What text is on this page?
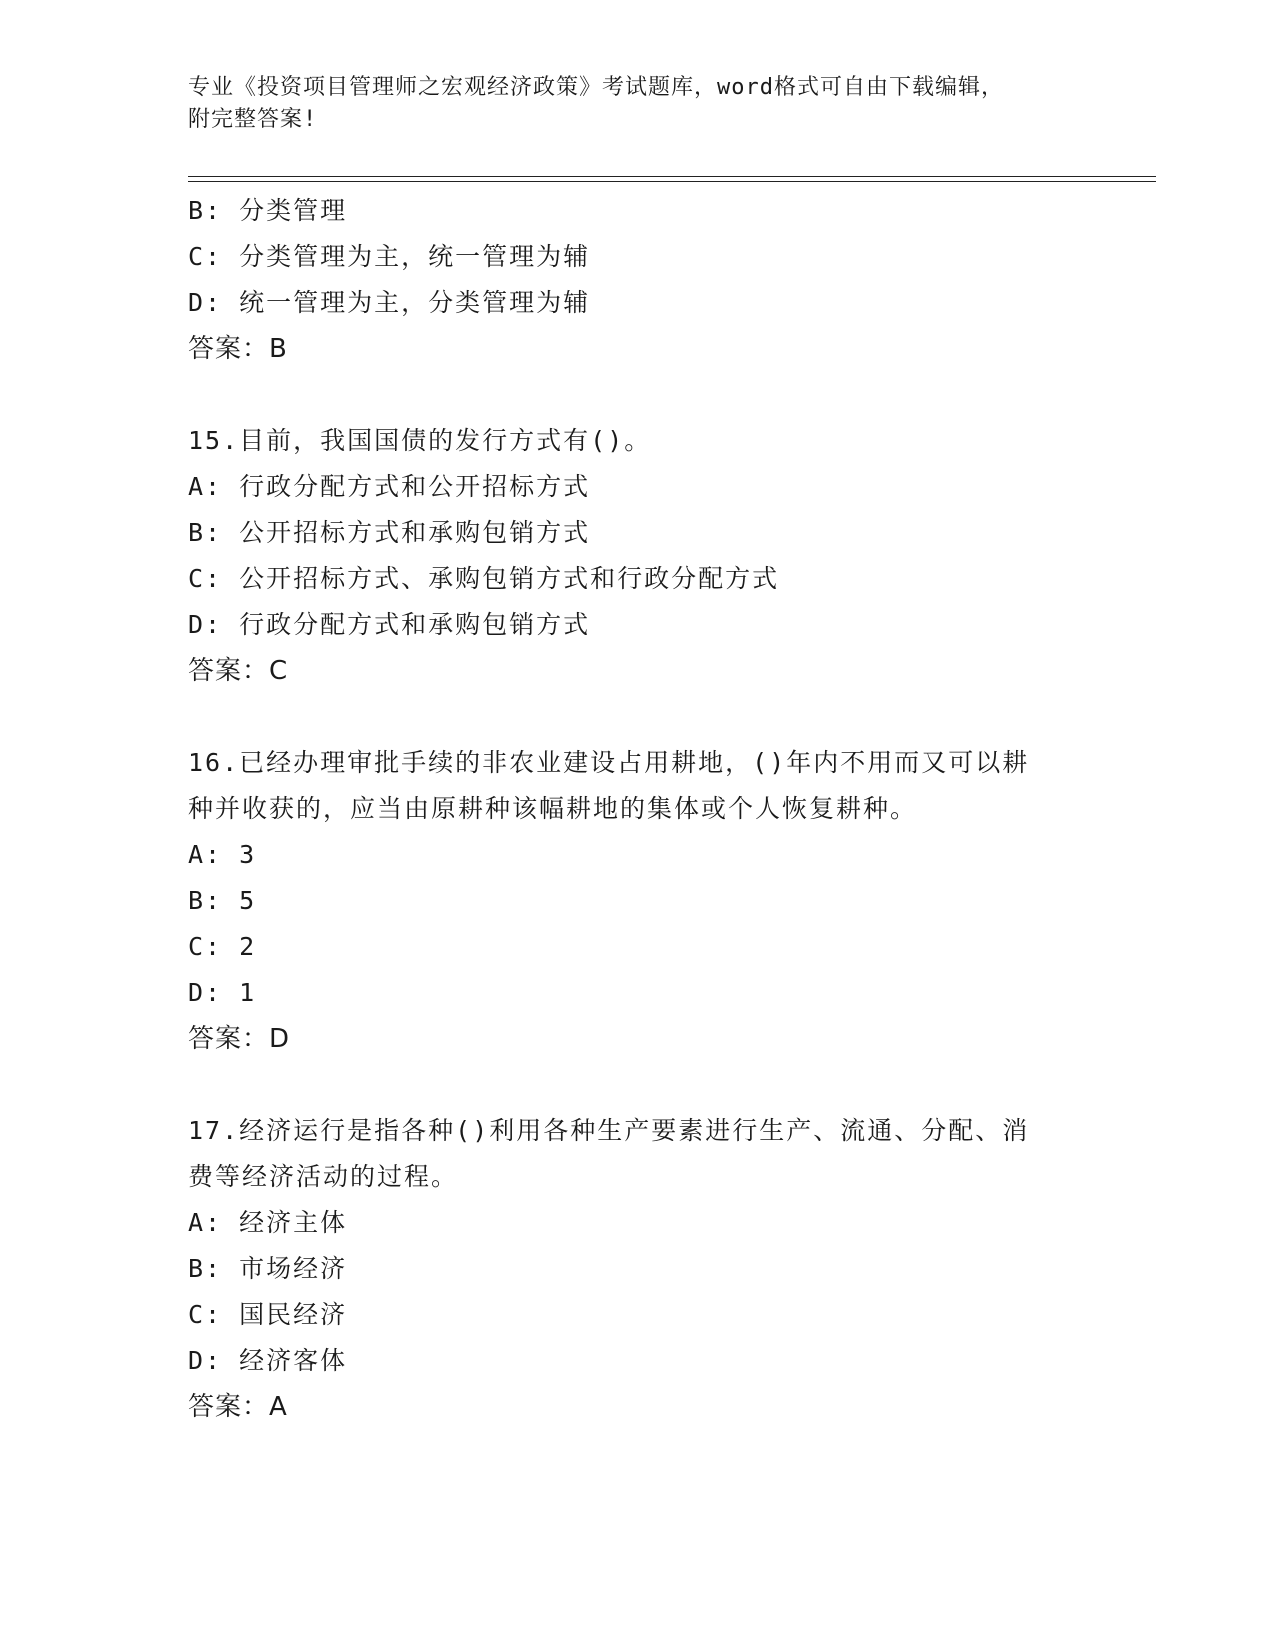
专业《投资项目管理师之宏观经济政策》考试题库，word格式可自由下载编辑，
附完整答案!
B: 分类管理
C: 分类管理为主，统一管理为辅
D: 统一管理为主，分类管理为辅
答案：B
15.目前，我国国债的发行方式有()。
A: 行政分配方式和公开招标方式
B: 公开招标方式和承购包销方式
C: 公开招标方式、承购包销方式和行政分配方式
D: 行政分配方式和承购包销方式
答案：C
16.已经办理审批手续的非农业建设占用耕地，()年内不用而又可以耕
种并收获的，应当由原耕种该幅耕地的集体或个人恢复耕种。
A: 3
B: 5
C: 2
D: 1
答案：D
17.经济运行是指各种()利用各种生产要素进行生产、流通、分配、消
费等经济活动的过程。
A: 经济主体
B: 市场经济
C: 国民经济
D: 经济客体
答案：A
